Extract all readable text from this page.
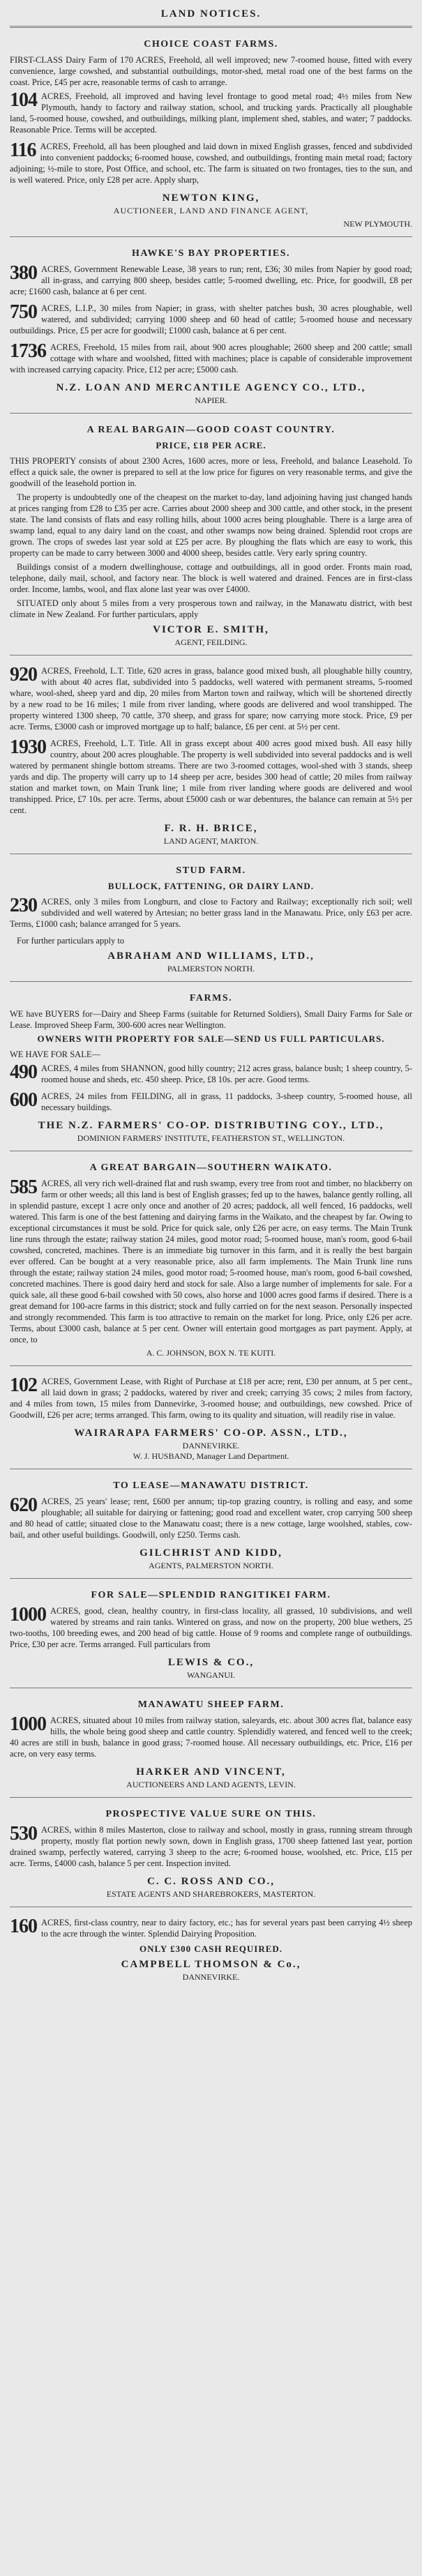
LAND NOTICES.
CHOICE COAST FARMS.

FIRST-CLASS Dairy Farm of 170 ACRES, Freehold, all well improved; new 7-roomed house, fitted with every convenience, large cowshed, and substantial outbuildings, motor-shed, metal road one of the best farms on the coast. Price, £45 per acre, reasonable terms of cash to arrange.

104 ACRES, Freehold, all improved and having level frontage to good metal road; 4½ miles from New Plymouth, handy to factory and railway station, school, and trucking yards. Practically all ploughable land, 5-roomed house, cowshed, and outbuildings, milking plant, implement shed, stables, and water; 7 paddocks. Reasonable Price. Terms will be accepted.

116 ACRES, Freehold, all has been ploughed and laid down in mixed English grasses, fenced and subdivided into convenient paddocks; 6-roomed house, cowshed, and outbuildings, fronting main metal road; factory adjoining; ½-mile to store, Post Office, and school, etc. The farm is situated on two frontages, ties to the sun, and is well watered. Price, only £28 per acre. Apply sharp,

NEWTON KING,
AUCTIONEER, LAND AND FINANCE AGENT,
NEW PLYMOUTH.
HAWKE'S BAY PROPERTIES.
380 ACRES, Government Renewable Lease, 38 years to run; rent, £36; 30 miles from Napier by good road; all in-grass, and carrying 800 sheep, besides cattle; 5-roomed dwelling, etc. Price, for goodwill, £8 per acre; £1600 cash, balance at 6 per cent.

750 ACRES, L.I.P., 30 miles from Napier; in grass, with shelter patches bush, 30 acres ploughable, well watered, and subdivided; carrying 1000 sheep and 60 head of cattle; 5-roomed house and necessary outbuildings. Price, £5 per acre for goodwill; £1000 cash, balance at 6 per cent.

1736 ACRES, Freehold, 15 miles from rail, about 900 acres ploughable; 2600 sheep and 200 cattle; small cottage with whare and woolshed, fitted with machines; place is capable of considerable improvement with increased carrying capacity. Price, £12 per acre; £5000 cash.

N.Z. LOAN AND MERCANTILE AGENCY CO., LTD.,
NAPIER.
A REAL BARGAIN—GOOD COAST COUNTRY.
PRICE, £18 PER ACRE.

THIS PROPERTY consists of about 2300 Acres, 1600 acres, more or less, Freehold, and balance Leasehold. To effect a quick sale, the owner is prepared to sell at the low price for figures on very reasonable terms, and give the goodwill of the leasehold portion in.

The property is undoubtedly one of the cheapest on the market to-day, land adjoining having just changed hands at prices ranging from £28 to £35 per acre. Carries about 2000 sheep and 300 cattle, and other stock, in the present state. The land consists of flats and easy rolling hills, about 1000 acres being ploughable. There is a large area of swamp land, equal to any dairy land on the coast, and other swamps now being drained. Splendid root crops are grown. The crops of swedes last year sold at £25 per acre. By ploughing the flats which are easy to work, this property can be made to carry between 3000 and 4000 sheep, besides cattle. Very early spring country.

Buildings consist of a modern dwellinghouse, cottage and outbuildings, all in good order. Fronts main road, telephone, daily mail, school, and factory near. The block is well watered and drained. Fences are in first-class order. Income, lambs, wool, and flax alone last year was over £4000.

SITUATED only about 5 miles from a very prosperous town and railway, in the Manawatu district, with best climate in New Zealand. For further particulars, apply

VICTOR E. SMITH,
AGENT, FEILDING.
920 ACRES, Freehold, L.T. Title, 620 acres in grass, balance good mixed bush, all ploughable hilly country, with about 40 acres flat, subdivided into 5 paddocks, well watered with permanent streams, 5-roomed whare, wool-shed, sheep yard and dip, 20 miles from Marton town and railway, which will be shortened directly by a new road to be 16 miles; 1 mile from river landing, where goods are delivered and wool transhipped. The property wintered 1300 sheep, 70 cattle, 370 sheep, and grass for spare; now carrying more stock. Price, £9 per acre. Terms, £3000 cash or improved mortgage up to half; balance, £6 per cent. at 5½ per cent.

1930 ACRES, Freehold, L.T. Title. All in grass except about 400 acres good mixed bush. All easy hilly country, about 200 acres ploughable. The property is well subdivided into several paddocks and is well watered by permanent shingle bottom streams. There are two 3-roomed cottages, wool-shed with 3 stands, sheep yards and dip. The property will carry up to 14 sheep per acre, besides 300 head of cattle; 20 miles from railway station and market town, on Main Trunk line; 1 mile from river landing where goods are delivered and wool transhipped. Price, £7 10s. per acre. Terms, about £5000 cash or war debentures, the balance can remain at 5½ per cent.

F. R. H. BRICE,
LAND AGENT, MARTON.
STUD FARM.
BULLOCK, FATTENING, OR DAIRY LAND.
230 ACRES, only 3 miles from Longburn, and close to Factory and Railway; exceptionally rich soil; well subdivided and well watered by Artesian; no better grass land in the Manawatu. Price, only £63 per acre. Terms, £1000 cash; balance arranged for 5 years.

For further particulars apply to

ABRAHAM AND WILLIAMS, LTD.,
PALMERSTON NORTH.
FARMS.

WE have BUYERS for—Dairy and Sheep Farms (suitable for Returned Soldiers), Small Dairy Farms for Sale or Lease. Improved Sheep Farm, 300-600 acres near Wellington.

OWNERS WITH PROPERTY FOR SALE—SEND US FULL PARTICULARS.

WE HAVE FOR SALE—

490 ACRES, 4 miles from SHANNON, good hilly country; 212 acres grass, balance bush; 1 sheep country, 5-roomed house and sheds, etc. 450 sheep. Price, £8 10s. per acre. Good terms.

600 ACRES, 24 miles from FEILDING, all in grass, 11 paddocks, 3-sheep country, 5-roomed house, all necessary buildings.

THE N.Z. FARMERS' CO-OP. DISTRIBUTING COY., LTD.,
DOMINION FARMERS' INSTITUTE, FEATHERSTON ST., WELLINGTON.
A GREAT BARGAIN—SOUTHERN WAIKATO.
585 ACRES, all very rich well-drained flat and rush swamp, every tree from root and timber, no blackberry on farm or other weeds; all this land is best of English grasses; fed up to the hawes, balance gently rolling, all in splendid pasture, except 1 acre only once and another of 20 acres; paddock, all well fenced, 16 paddocks, well watered. This farm is one of the best fattening and dairying farms in the Waikato, and the cheapest by far. Owing to exceptional circumstances it must be sold. Price for quick sale, only £26 per acre, on easy terms. The Main Trunk line runs through the estate; railway station 24 miles, good motor road; 5-roomed house, man's room, good 6-bail cowshed, concreted, machines. There is an immediate big turnover in this farm, and it is really the best bargain ever offered. Can be bought at a very reasonable price, also all farm implements. The Main Trunk line runs through the estate; railway station 24 miles, good motor road; 5-roomed house, man's room, good 6-bail cowshed, concreted machines. There is good dairy herd and stock for sale. Also a large number of implements for sale. For a quick sale, all these good 6-bail cowshed with 50 cows, also horse and 1000 acres good farms if desired. There is a great demand for 100-acre farms in this district; stock and fully carried on for the next season. Personally inspected and strongly recommended. This farm is too attractive to remain on the market for long. Price, only £26 per acre. Terms, about £3000 cash, balance at 5 per cent. Owner will entertain good mortgages as part payment. Apply, at once, to

A. C. JOHNSON, BOX N. TE KUITI.
102 ACRES, Government Lease, with Right of Purchase at £18 per acre; rent, £30 per annum, at 5 per cent., all laid down in grass; 2 paddocks, watered by river and creek; carrying 35 cows; 2 miles from factory, and 4 miles from town, 15 miles from Dannevirke, 3-roomed house; and outbuildings, new cowshed. Price of Goodwill, £26 per acre; terms arranged. This farm, owing to its quality and situation, will readily rise in value.

WAIRARAPA FARMERS' CO-OP. ASSN., LTD.,
DANNEVIRKE.
W. J. HUSBAND, Manager Land Department.
TO LEASE—MANAWATU DISTRICT.
620 ACRES, 25 years' lease; rent, £600 per annum; tip-top grazing country, is rolling and easy, and some ploughable; all suitable for dairying or fattening; good road and excellent water, crop carrying 500 sheep and 80 head of cattle; situated close to the Manawatu coast; there is a new cottage, large woolshed, stables, cow-bail, and other useful buildings. Goodwill, only £250. Terms cash.

GILCHRIST AND KIDD,
AGENTS, PALMERSTON NORTH.
FOR SALE—SPLENDID RANGITIKEI FARM.
1000 ACRES, good, clean, healthy country, in first-class locality, all grassed, 10 subdivisions, and well watered by streams and rain tanks. Wintered on grass, and now on the property, 200 blue wethers, 25 two-tooths, 100 breeding ewes, and 200 head of big cattle. House of 9 rooms and complete range of outbuildings. Price, £30 per acre. Terms arranged. Full particulars from

LEWIS & CO.,
WANGANUI.
MANAWATU SHEEP FARM.
1000 ACRES, situated about 10 miles from railway station, saleyards, etc. about 300 acres flat, balance easy hills, the whole being good sheep and cattle country. Splendidly watered, and fenced well to the creek; 40 acres are still in bush, balance in good grass; 7-roomed house. All necessary outbuildings, etc. Price, £16 per acre, on very easy terms.

HARKER AND VINCENT,
AUCTIONEERS AND LAND AGENTS, LEVIN.
PROSPECTIVE VALUE SURE ON THIS.
530 ACRES, within 8 miles Masterton, close to railway and school, mostly in grass, running stream through property, mostly flat portion newly sown, down in English grass, 1700 sheep fattened last year, portion drained swamp, perfectly watered, carrying 3 sheep to the acre; 6-roomed house, woolshed, etc. Price, £15 per acre. Terms, £4000 cash, balance 5 per cent. Inspection invited.

C. C. ROSS AND CO.,
ESTATE AGENTS AND SHAREBROKERS, MASTERTON.
160 ACRES, first-class country, near to dairy factory, etc.; has for several years past been carrying 4½ sheep to the acre through the winter. Splendid Dairying Proposition.

ONLY £300 CASH REQUIRED.
CAMPBELL THOMSON & Co.,
DANNEVIRKE.
